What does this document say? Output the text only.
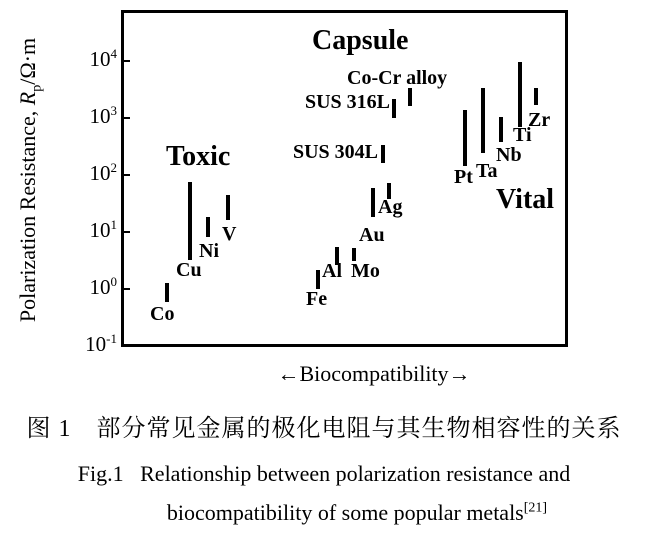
Polarization Resistance, $R_p/\Omega\cdot m$
←Biocompatibility→
图 1　部分常见金属的极化电阻与其生物相容性的关系
Fig.1   Relationship between polarization resistance and
biocompatibility of some popular metals[21]
$10^4$
$10^3$
$10^2$
$10^1$
$10^0$
$10^{-1}$
Co
Cu
Ni
V
Fe
Al Mo
Au
Ag
SUS 304L
SUS 316L
Co-Cr alloy
Pt Ta
Nb
Ti
Zr
Toxic
Capsule
Vital
